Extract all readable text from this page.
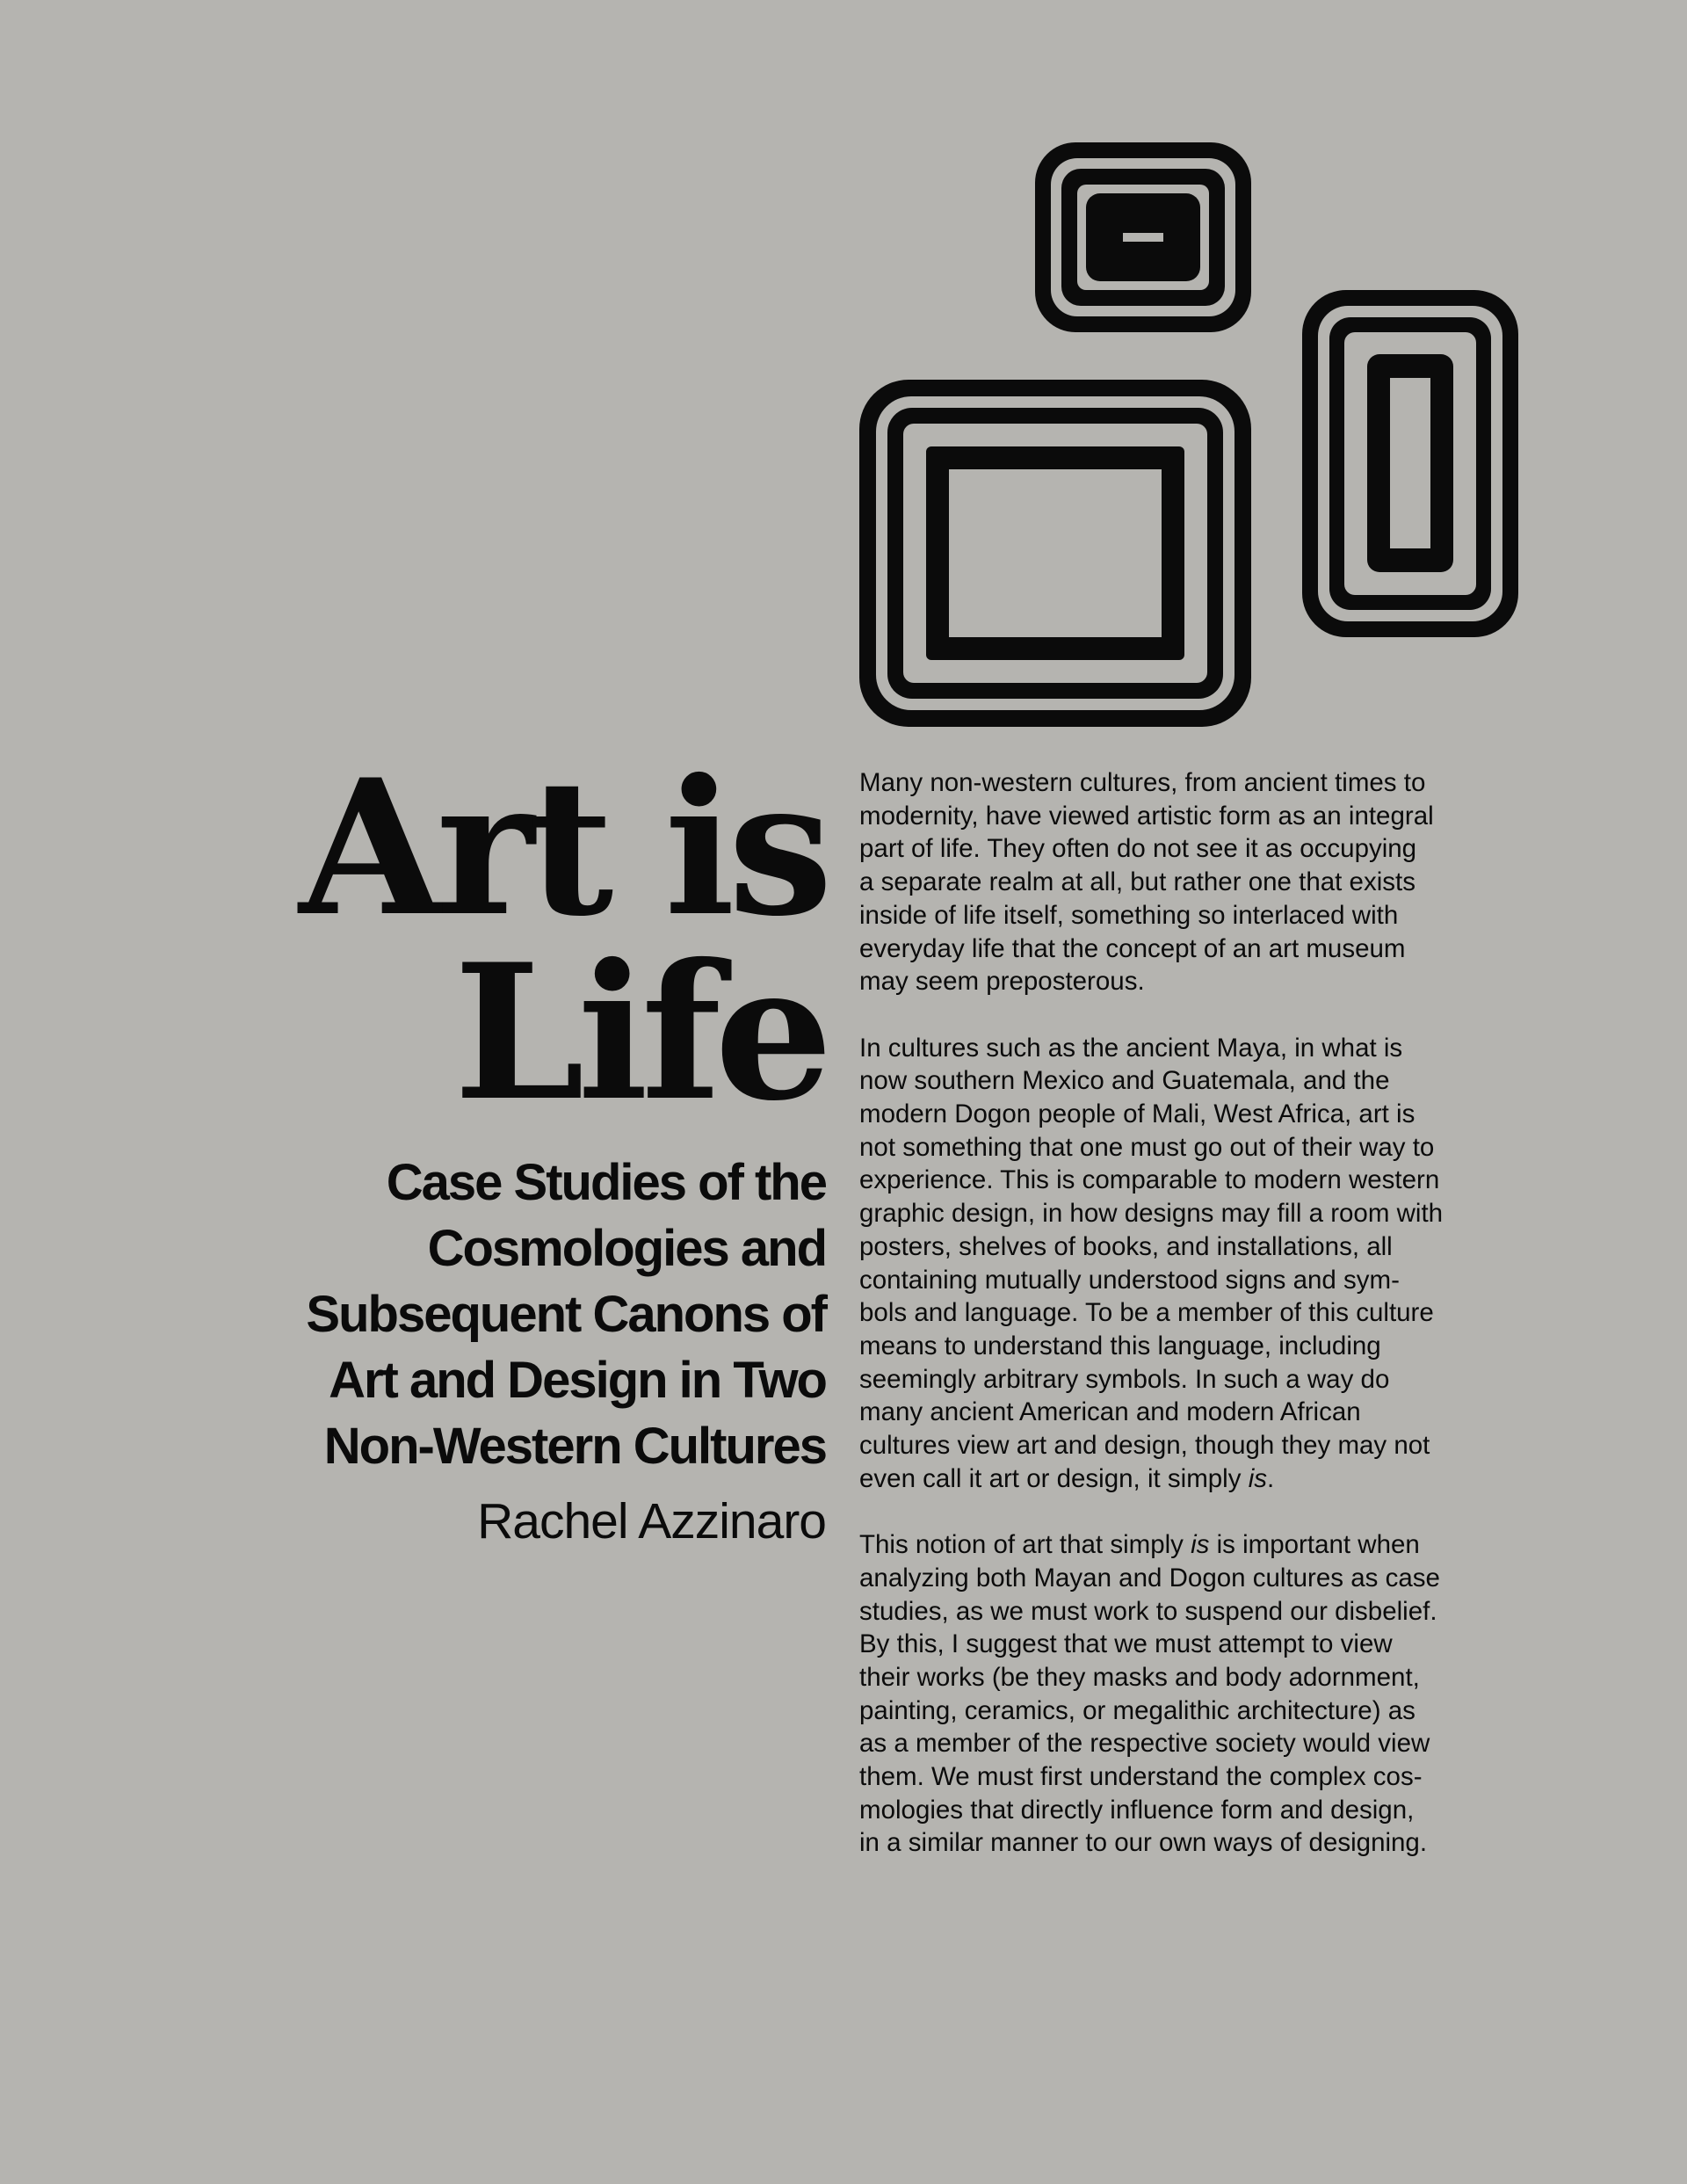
Art is
Life
Case Studies of the
Cosmologies and
Subsequent Canons of
Art and Design in Two
Non-Western Cultures

Rachel Azzinaro

Many non-western cultures, from ancient times to
modernity, have viewed artistic form as an integral
part of life. They often do not see it as occupying
a separate realm at all, but rather one that exists
inside of life itself, something so interlaced with
everyday life that the concept of an art museum
may seem preposterous.

In cultures such as the ancient Maya, in what is
now southern Mexico and Guatemala, and the
modern Dogon people of Mali, West Africa, art is
not something that one must go out of their way to
experience. This is comparable to modern western
graphic design, in how designs may fill a room with
posters, shelves of books, and installations, all
containing mutually understood signs and sym-
bols and language. To be a member of this culture
means to understand this language, including
seemingly arbitrary symbols. In such a way do
many ancient American and modern African
cultures view art and design, though they may not
even call it art or design, it simply is.

This notion of art that simply is is important when
analyzing both Mayan and Dogon cultures as case
studies, as we must work to suspend our disbelief.
By this, I suggest that we must attempt to view
their works (be they masks and body adornment,
painting, ceramics, or megalithic architecture) as
as a member of the respective society would view
them. We must first understand the complex cos-
mologies that directly influence form and design,
in a similar manner to our own ways of designing.
